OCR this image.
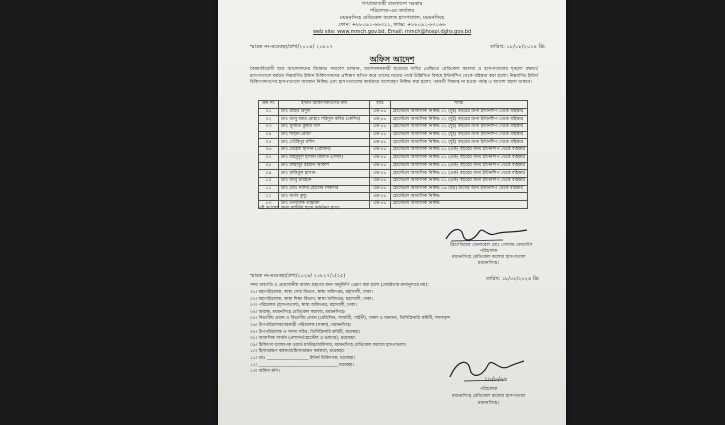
গণপ্রজাতন্ত্রী বাংলাদেশ সরকার
পরিচালক-এর কার্যালয়
ময়মনসিংহ মেডিকেল কলেজ হাসপাতাল, ময়মনসিংহ
ফোন: +৮৮০৯১-৬৬৩২১, ফ্যাক্স: +৮৮০৯১-৬৭০৬৬
web site: www.mmch.gov.bd, Email: mmch@hospi.dghs.gov.bd
স্মারক নং-মমেকহা/প্রশা/২০২৪/ ২০৮১৭	তারিখ: ১৮/০৮/২০২৪ খ্রি:
অফিস আদেশ
বৈষম্যবিরোধী ছাত্র আন্দোলনের বিক্ষোভ সমাবেশ চলমান, আন্দোলনকারী ছাত্রদের দাবির প্রেক্ষিতে মেডিকেল কলেজ ও হাসপাতালের শৃঙ্খলা রক্ষার্থে হাসপাতালে কর্মরত নিম্নবর্ণিত ইন্টার্ন চিকিৎসকদের প্রশিক্ষণ স্থগিত করে তাদের নামের পার্শ্বে উল্লিখিত বিষয়ে ইন্টার্নশিপ থেকে বহিষ্কার করা হলো। নিম্নবর্ণিত ইন্টার্ন চিকিৎসকগণের হাসপাতালে অবস্থান নিষিদ্ধ এবং হাসপাতালের কার্যক্রমে অংশগ্রহণ নিষিদ্ধ করা হলো। পরবর্তী সিদ্ধান্ত না হওয়া পর্যন্ত এ আদেশ বহাল থাকবে।
ক্রম নং	ইন্টার্ন চিকিৎসকগণের নাম	ব্যাচ	শাস্তি
০১	ডাঃ রাহিব রিদুল	এম-৫৮	হোস্টেলে আবাসিক নিষিদ্ধ ০২ (দুই) বছরের জন্য ইন্টার্নশিপ থেকে বহিষ্কার
০২	ডাঃ আবু বকর মোহাঃ শহিদুল কবির (কেশিব)	এম-৫৮	হোস্টেলে আবাসিক নিষিদ্ধ ০২ (দুই) বছরের জন্য ইন্টার্নশিপ থেকে বহিষ্কার
০৩	ডাঃ সুজিত কুমার দাস	এম-৫৮	হোস্টেলে আবাসিক নিষিদ্ধ ০২ (দুই) বছরের জন্য ইন্টার্নশিপ থেকে বহিষ্কার
০৪	ডাঃ শাহীন রেজা	এম-৫৮	হোস্টেলে আবাসিক নিষিদ্ধ ০২ (দুই) বছরের জন্য ইন্টার্নশিপ থেকে বহিষ্কার
০৫	ডাঃ তৌহিদুর রশীদ	এম-৫৮	হোস্টেলে আবাসিক নিষিদ্ধ ০২ (দুই) বছরের জন্য ইন্টার্নশিপ থেকে বহিষ্কার
০৬	ডাঃ মেহেদী হাসান (রোমান)	এম-৫৮	হোস্টেলে আবাসিক নিষিদ্ধ ০১ (এক) বছরের জন্য ইন্টার্নশিপ থেকে বহিষ্কার
০৭	ডাঃ মাহমুদুল হাসান রিফাত (শেফা)	এম-৫৮	হোস্টেলে আবাসিক নিষিদ্ধ ০১ (এক) বছরের জন্য ইন্টার্নশিপ থেকে বহিষ্কার
০৮	ডাঃ ফাহাদুর রহমান আকাশ	এম-৫৮	হোস্টেলে আবাসিক নিষিদ্ধ ০১ (এক) বছরের জন্য ইন্টার্নশিপ থেকে বহিষ্কার
০৯	ডাঃ রাকিবুল হাসান	এম-৫৮	হোস্টেলে আবাসিক নিষিদ্ধ ০১ (এক) বছরের জন্য ইন্টার্নশিপ থেকে বহিষ্কার
১০	ডাঃ আবু রায়হান	এম-৫৮	হোস্টেলে আবাসিক নিষিদ্ধ ০১ (এক) বছরের জন্য ইন্টার্নশিপ থেকে বহিষ্কার
১১	ডাঃ মোঃ নাদিম হোসেন সিকদার	এম-৫৮	হোস্টেলে আবাসিক নিষিদ্ধ ০৬ (ছয়) মাসের জন্য ইন্টার্নশিপ থেকে বহিষ্কার
১২	ডাঃ অর্ণব কুন্ডু	এম-৫৮	হোস্টেলে আবাসিক নিষিদ্ধ
১৩	ডাঃ তাসফিক তাহমিদ	এম-৫৮	হোস্টেলে আবাসিক নিষিদ্ধ
এই আদেশ অত্র তারিখ হতে কার্যকর হবে।
ব্রিগেডিয়ার জেনারেল মোঃ গোলাম ফেরদৌস
পরিচালক
ময়মনসিংহ মেডিকেল কলেজ হাসপাতাল
ময়মনসিংহ।
স্মারক নং-মমেকহা/প্রশা/২০২৪/ ২০৮১৭/১(২৫)	তারিখ: ১৮/০৮/২০২৪ খ্রি:
সদয় অবগতি ও প্রয়োজনীয় ব্যবস্থা গ্রহণের জন্য অনুলিপি প্রেরণ করা হলো (জ্যেষ্ঠতার ক্রমানুসারে নয়):
০১। মহাপরিচালক, স্বাস্থ্য সেবা বিভাগ, স্বাস্থ্য অধিদপ্তর, মহাখালী, ঢাকা।
০২। মহাপরিচালক, স্বাস্থ্য শিক্ষা বিভাগ, স্বাস্থ্য অধিদপ্তর, মহাখালী, ঢাকা।
০৩। পরিচালক (হাসপাতাল), স্বাস্থ্য অধিদপ্তর, মহাখালী, ঢাকা।
০৪। অধ্যক্ষ, ময়মনসিংহ মেডিকেল কলেজ, ময়মনসিংহ।
০৫। বিভাগীয় প্রধান ও বিভাগীয় প্রধান (মেডিসিন, সার্জারী, গাইনী), সকল ও অন্যান্য, ডিসিপ্লিনারি কমিটি, সদস্যবৃন্দ
০৬। উপপরিচালক/সহকারী পরিচালক (সকল), ময়মনসিংহ।
০৭। উপপরিচালক ও সদস্য সচিব, ডিসিপ্লিনারি কমিটি, মমেকহা।
০৮। আবাসিক সার্জন (প্রশাসন/হোস্টেল ও ভান্ডার), মমেকহা।
০৯। চিকিৎসা ব্যবস্থাপক ওয়ার্ড মাস্টার/অফিসার, ময়মনসিংহ মেডিকেল কলেজ হাসপাতাল।
১০। হিসাবরক্ষণ কর্মকর্তা/হিসাবরক্ষণ কর্মকর্তা, মমেকহা।
১১। ডাঃ ___________________ ইন্টার্ন চিকিৎসক, মমেকহা।
১২। ____________________________________ মমেকহা।
১৩। অফিস কপি।
১৮/৮/২৪
পরিচালক
ময়মনসিংহ মেডিকেল কলেজ হাসপাতাল
ময়মনসিংহ।
